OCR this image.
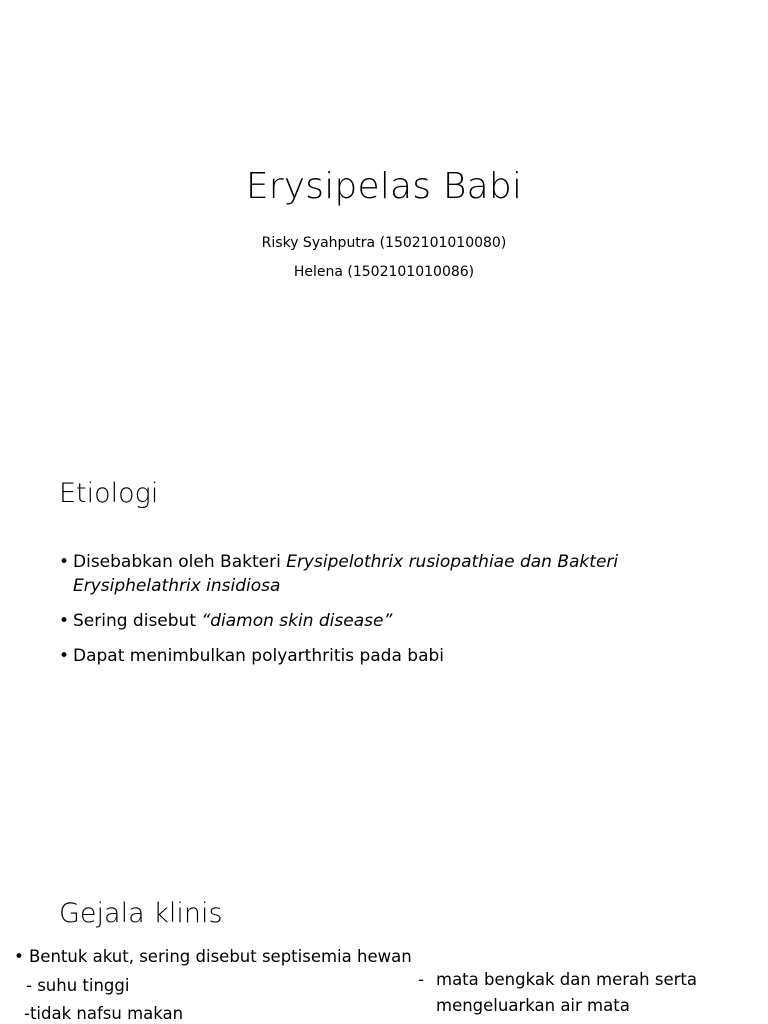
Erysipelas Babi
Risky Syahputra (1502101010080)
Helena (1502101010086)
Etiologi
• Disebabkan oleh Bakteri Erysipelothrix rusiopathiae dan Bakteri Erysiphelathrix insidiosa
• Sering disebut “diamon skin disease”
• Dapat menimbulkan polyarthritis pada babi
Gejala klinis
• Bentuk akut, sering disebut septisemia hewan
- suhu tinggi
-tidak nafsu makan
- mata bengkak dan merah serta
mengeluarkan air mata
